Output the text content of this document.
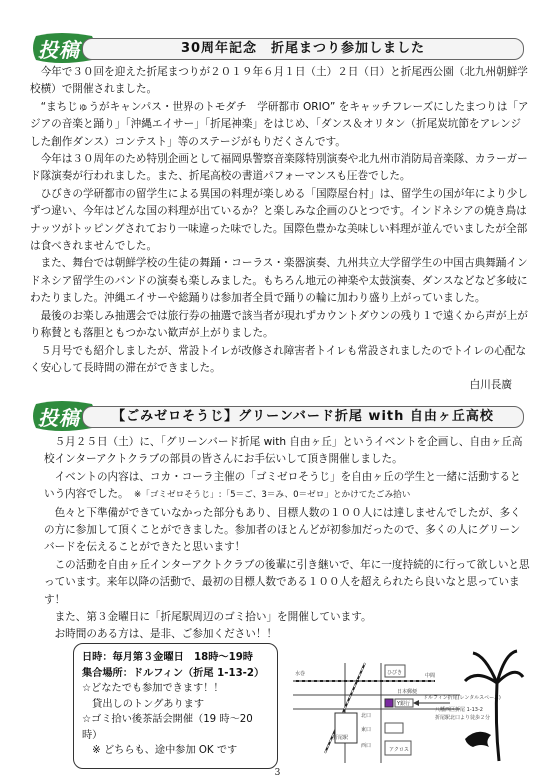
投稿	30周年記念　折尾まつり参加しました

今年で３０回を迎えた折尾まつりが２０１９年６月１日（土）２日（日）と折尾西公園（北九州朝鮮学校横）で開催されました。

“まちじゅうがキャンパス・世界のトモダチ　学研都市 ORIO” をキャッチフレーズにしたまつりは「アジアの音楽と踊り」「沖縄エイサー」「折尾神楽」をはじめ、「ダンス＆オリタン（折尾炭坑節をアレンジした創作ダンス）コンテスト」等のステージがもりだくさんです。

今年は３０周年のため特別企画として福岡県警察音楽隊特別演奏や北九州市消防局音楽隊、カラーガード隊演奏が行われました。また、折尾高校の書道パフォーマンスも圧巻でした。

ひびきの学研都市の留学生による異国の料理が楽しめる「国際屋台村」は、留学生の国が年により少しずつ違い、今年はどんな国の料理が出ているか？と楽しみな企画のひとつです。インドネシアの焼き鳥はナッツがトッピングされており一味違った味でした。国際色豊かな美味しい料理が並んでいましたが全部は食べきれませんでした。

また、舞台では朝鮮学校の生徒の舞踊・コーラス・楽器演奏、九州共立大学留学生の中国古典舞踊インドネシア留学生のバンドの演奏も楽しみました。もちろん地元の神楽や太鼓演奏、ダンスなどなど多岐にわたりました。沖縄エイサーや総踊りは参加者全員で踊りの輪に加わり盛り上がっていました。

最後のお楽しみ抽選会では旅行券の抽選で該当者が現れずカウントダウンの残り１で遠くから声が上がり称賛とも落胆ともつかない歓声が上がりました。

５月号でも紹介しましたが、常設トイレが改修され障害者トイレも常設されましたのでトイレの心配なく安心して長時間の滞在ができました。

白川長廣
投稿	【ごみゼロそうじ】グリーンバード折尾 with 自由ヶ丘高校

５月２５日（土）に、「グリーンバード折尾 with 自由ヶ丘」というイベントを企画し、自由ヶ丘高校インターアクトクラブの部員の皆さんにお手伝いして頂き開催しました。

イベントの内容は、コカ・コーラ主催の「ゴミゼロそうじ」を自由ヶ丘の学生と一緒に活動するという内容でした。　 ※「ゴミゼロそうじ」:「5＝ご、3＝み、0＝ゼロ」とかけてたごみ拾い

色々と下準備ができていなかった部分もあり、目標人数の１００人には達しませんでしたが、多くの方に参加して頂くことができました。参加者のほとんどが初参加だったので、多くの人にグリーンバードを伝えることができたと思います！

この活動を自由ヶ丘インターアクトクラブの後輩に引き継いで、年に一度持続的に行って欲しいと思っています。来年以降の活動で、最初の目標人数である１００人を超えられたら良いなと思っています！

また、第３金曜日に「折尾駅周辺のゴミ拾い」を開催しています。

お時間のある方は、是非、ご参加ください！！

日時：毎月第３金曜日　18時～19時
集合場所：ドルフィン（折尾 1-13-2）
☆どなたでも参加できます！！
　貸出しのトングあります
☆ゴミ拾い後茶話会開催（19 時～20 時）
　※ どちらも、途中参加 OK です
水巻
折尾駅
ひびき	中間
日本郵便
Y銀行
北口
東口
西口
アクロス
ドルフィン折尾(レンタルスペース)
八幡西区折尾 1-13-2
折尾駅北口より徒歩２分
3
